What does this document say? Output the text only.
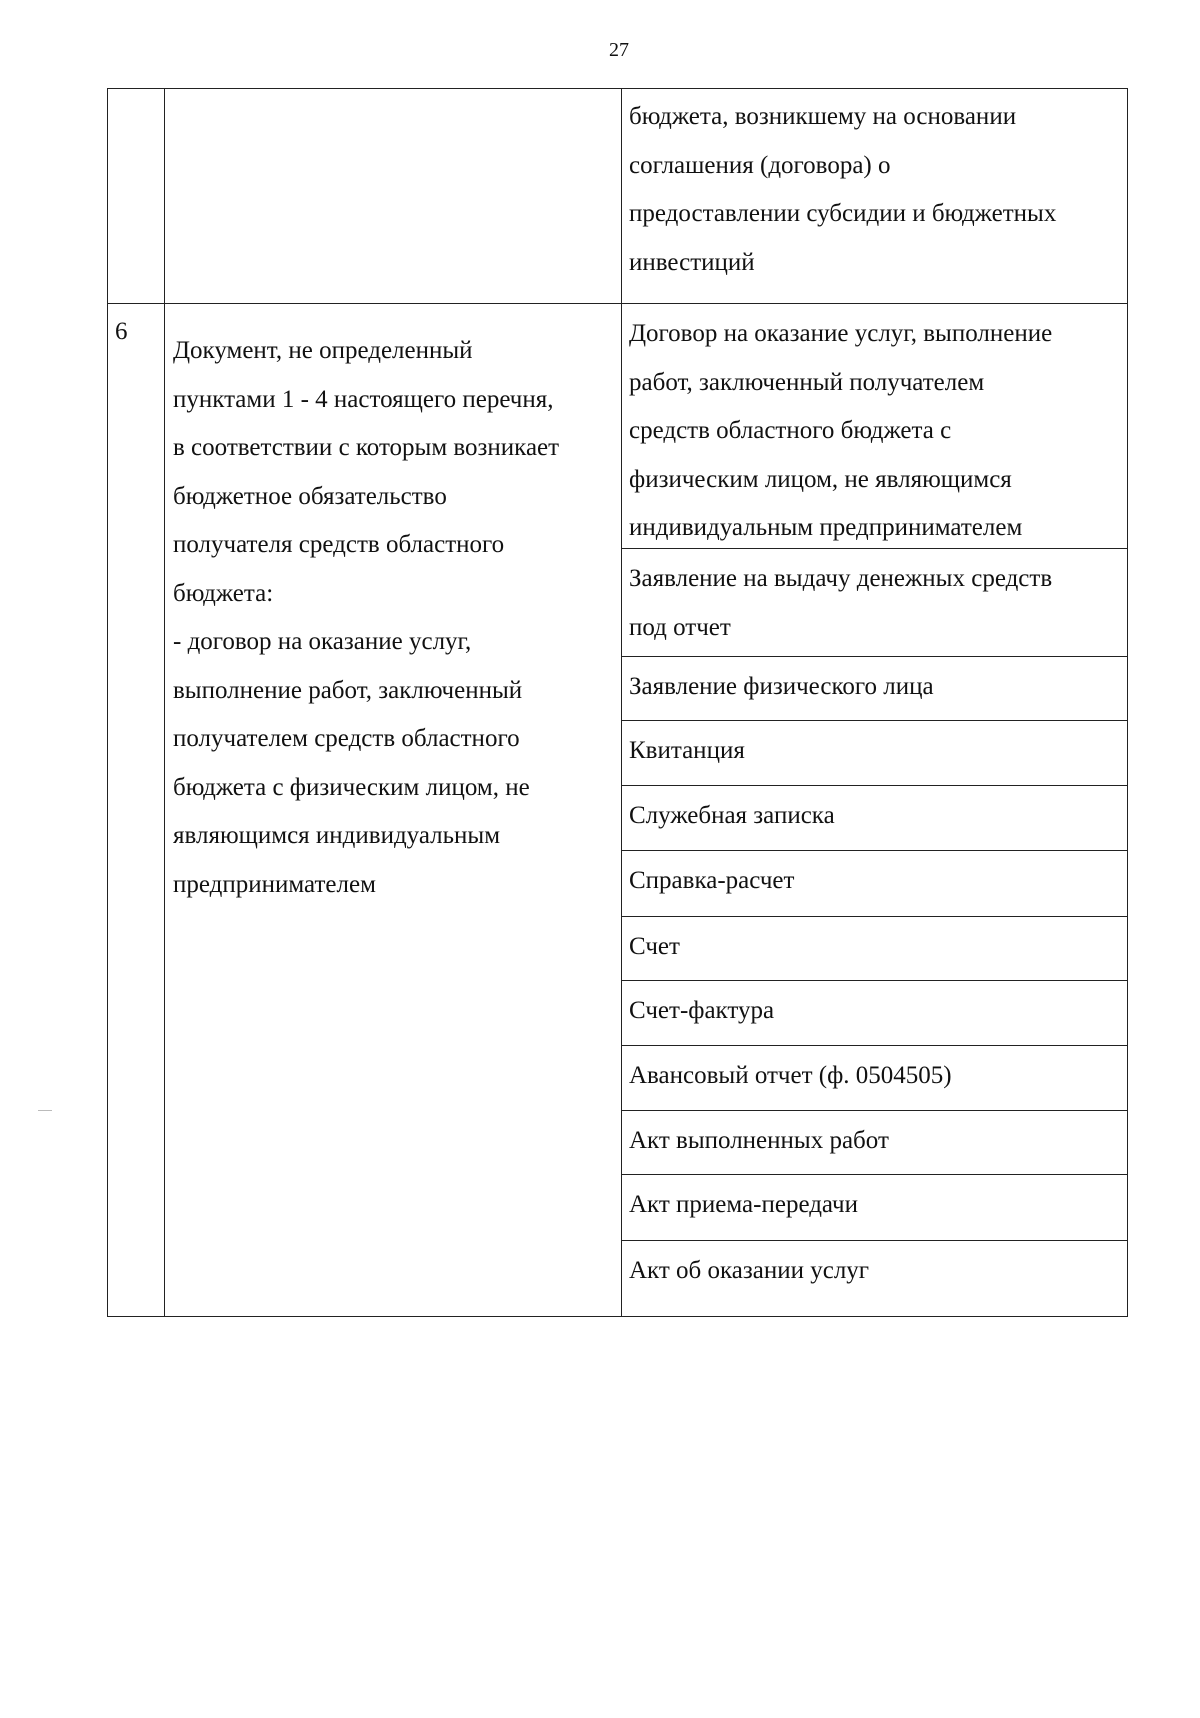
27
бюджета, возникшему на основании
соглашения (договора) о
предоставлении субсидии и бюджетных
инвестиций
6
Документ, не определенный
пунктами 1 - 4 настоящего перечня,
в соответствии с которым возникает
бюджетное обязательство
получателя средств областного
бюджета:
- договор на оказание услуг,
выполнение работ, заключенный
получателем средств областного
бюджета с физическим лицом, не
являющимся индивидуальным
предпринимателем
Договор на оказание услуг, выполнение
работ, заключенный получателем
средств областного бюджета с
физическим лицом, не являющимся
индивидуальным предпринимателем
Заявление на выдачу денежных средств
под отчет
Заявление физического лица
Квитанция
Служебная записка
Справка-расчет
Счет
Счет-фактура
Авансовый отчет (ф. 0504505)
Акт выполненных работ
Акт приема-передачи
Акт об оказании услуг
